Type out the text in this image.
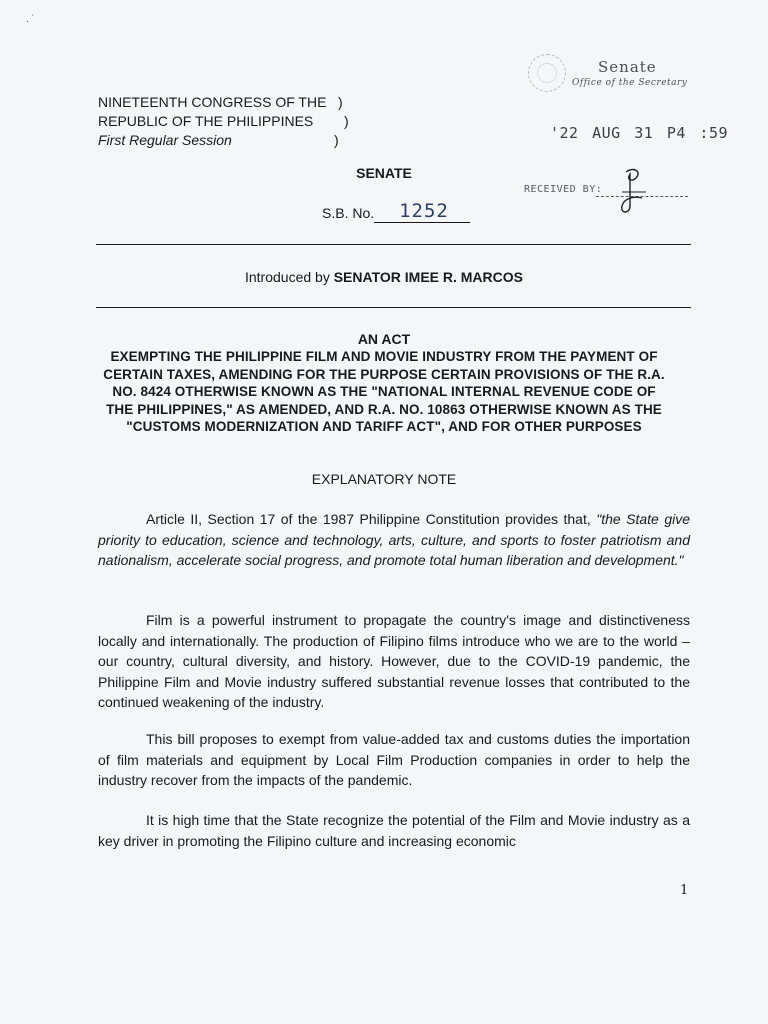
. ˙
Senate
Office of the Secretary
'22 AUG 31 P4 :59
RECEIVED BY:
NINETEENTH CONGRESS OF THE )
REPUBLIC OF THE PHILIPPINES	)
First Regular Session	)
SENATE
S.B. No.	1252
Introduced by SENATOR IMEE R. MARCOS
AN ACT
EXEMPTING THE PHILIPPINE FILM AND MOVIE INDUSTRY FROM THE PAYMENT OF CERTAIN TAXES, AMENDING FOR THE PURPOSE CERTAIN PROVISIONS OF THE R.A. NO. 8424 OTHERWISE KNOWN AS THE "NATIONAL INTERNAL REVENUE CODE OF THE PHILIPPINES," AS AMENDED, AND R.A. NO. 10863 OTHERWISE KNOWN AS THE "CUSTOMS MODERNIZATION AND TARIFF ACT", AND FOR OTHER PURPOSES
EXPLANATORY NOTE

Article II, Section 17 of the 1987 Philippine Constitution provides that, "the State give priority to education, science and technology, arts, culture, and sports to foster patriotism and nationalism, accelerate social progress, and promote total human liberation and development."

Film is a powerful instrument to propagate the country's image and distinctiveness locally and internationally. The production of Filipino films introduce who we are to the world – our country, cultural diversity, and history. However, due to the COVID-19 pandemic, the Philippine Film and Movie industry suffered substantial revenue losses that contributed to the continued weakening of the industry.

This bill proposes to exempt from value-added tax and customs duties the importation of film materials and equipment by Local Film Production companies in order to help the industry recover from the impacts of the pandemic.

It is high time that the State recognize the potential of the Film and Movie industry as a key driver in promoting the Filipino culture and increasing economic

1
